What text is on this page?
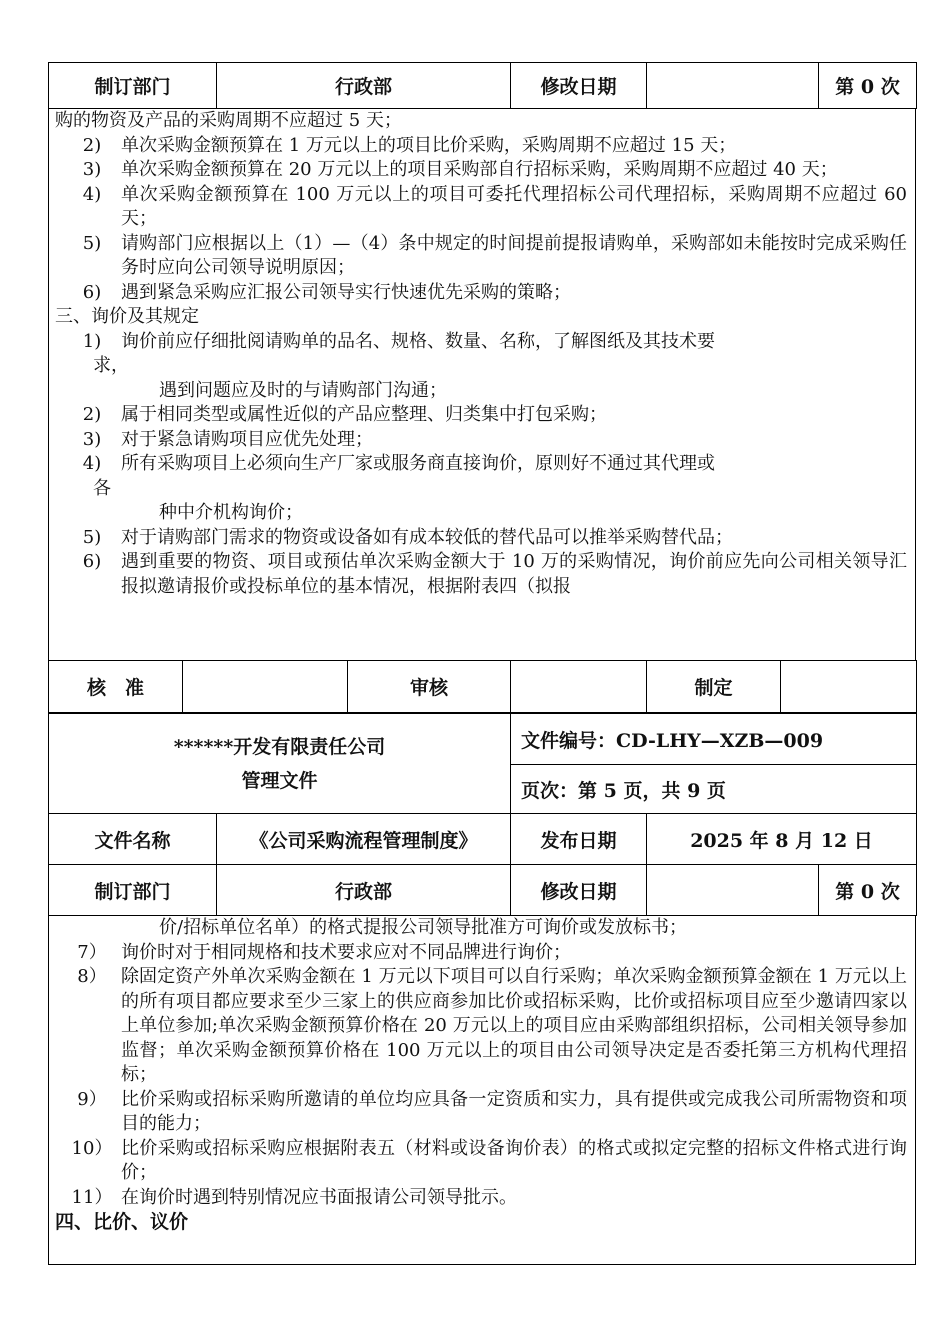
制订部门	行政部	修改日期		第 0 次
购的物资及产品的采购周期不应超过 5 天；
2)	单次采购金额预算在 1 万元以上的项目比价采购，采购周期不应超过 15 天；
3)	单次采购金额预算在 20 万元以上的项目采购部自行招标采购，采购周期不应超过 40 天；
4)	单次采购金额预算在 100 万元以上的项目可委托代理招标公司代理招标，采购周期不应超过 60 天；
5)	请购部门应根据以上（1）—（4）条中规定的时间提前提报请购单，采购部如未能按时完成采购任务时应向公司领导说明原因；
6)	遇到紧急采购应汇报公司领导实行快速优先采购的策略；
三、询价及其规定
1)	询价前应仔细批阅请购单的品名、规格、数量、名称，了解图纸及其技术要
求，
遇到问题应及时的与请购部门沟通；
2)	属于相同类型或属性近似的产品应整理、归类集中打包采购；
3)	对于紧急请购项目应优先处理；
4)	所有采购项目上必须向生产厂家或服务商直接询价，原则好不通过其代理或
各
种中介机构询价；
5)	对于请购部门需求的物资或设备如有成本较低的替代品可以推举采购替代品；
6)	遇到重要的物资、项目或预估单次采购金额大于 10 万的采购情况，询价前应先向公司相关领导汇报拟邀请报价或投标单位的基本情况，根据附表四（拟报
核　准		审核		制定	
******开发有限责任公司
管理文件		文件编号：CD-LHY—XZB—009		
		页次：第 5 页，共 9 页		
文件名称	《公司采购流程管理制度》	发布日期	2025 年 8 月 12 日	
制订部门	行政部	修改日期		第 0 次
价/招标单位名单）的格式提报公司领导批准方可询价或发放标书；
7） 询价时对于相同规格和技术要求应对不同品牌进行询价；
8） 除固定资产外单次采购金额在 1 万元以下项目可以自行采购；单次采购金额预算金额在 1 万元以上的所有项目都应要求至少三家上的供应商参加比价或招标采购，比价或招标项目应至少邀请四家以上单位参加;单次采购金额预算价格在 20 万元以上的项目应由采购部组织招标，公司相关领导参加监督；单次采购金额预算价格在 100 万元以上的项目由公司领导决定是否委托第三方机构代理招标；
9） 比价采购或招标采购所邀请的单位均应具备一定资质和实力，具有提供或完成我公司所需物资和项目的能力；
10） 比价采购或招标采购应根据附表五（材料或设备询价表）的格式或拟定完整的招标文件格式进行询价；
11） 在询价时遇到特别情况应书面报请公司领导批示。
四、比价、议价
